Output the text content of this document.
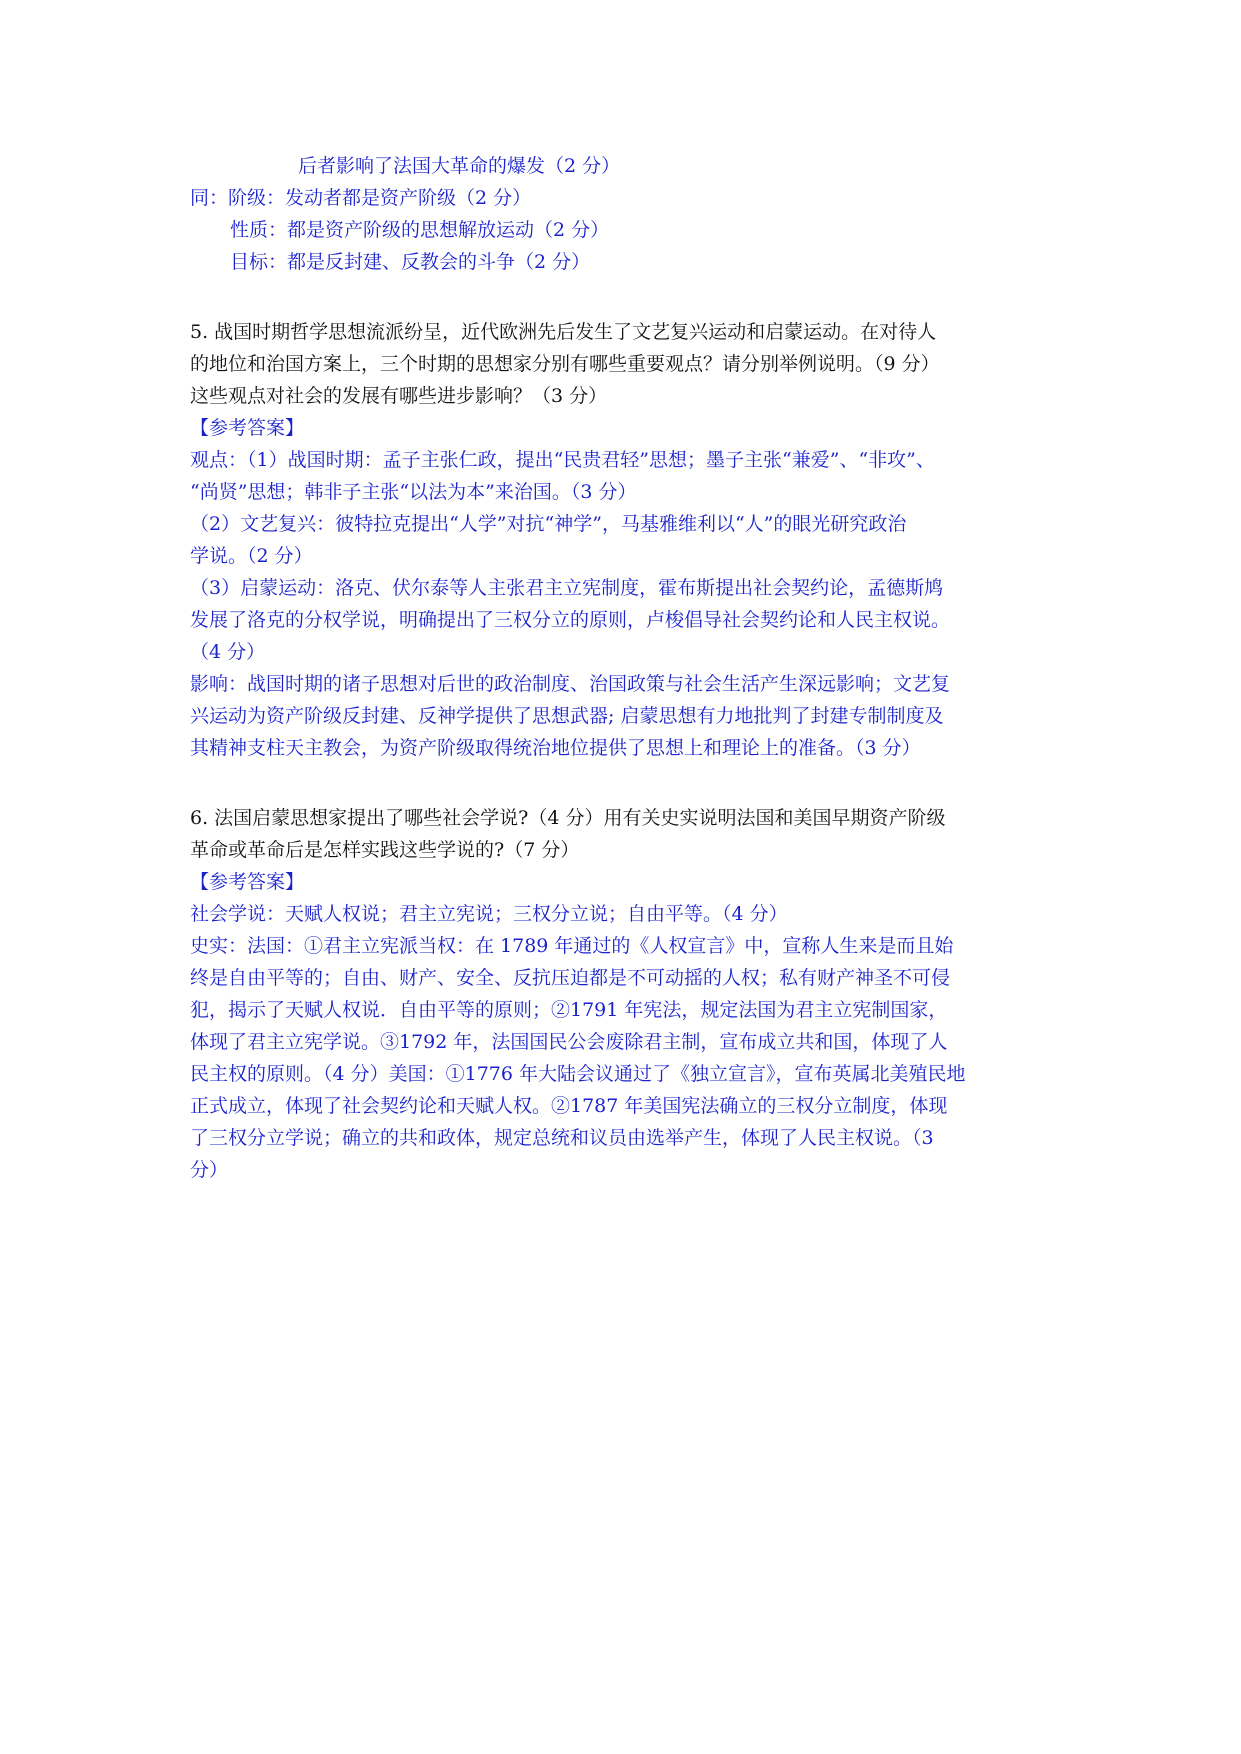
后者影响了法国大革命的爆发（2 分）
同：阶级：发动者都是资产阶级（2 分）
性质：都是资产阶级的思想解放运动（2 分）
目标：都是反封建、反教会的斗争（2 分）
5. 战国时期哲学思想流派纷呈，近代欧洲先后发生了文艺复兴运动和启蒙运动。在对待人
的地位和治国方案上，三个时期的思想家分别有哪些重要观点？请分别举例说明。（9 分）
这些观点对社会的发展有哪些进步影响？（3 分）
【参考答案】
观点：（1）战国时期：孟子主张仁政，提出“民贵君轻”思想；墨子主张“兼爱”、“非攻”、
“尚贤”思想；韩非子主张“以法为本”来治国。（3 分）
（2）文艺复兴：彼特拉克提出“人学”对抗“神学”，马基雅维利以“人”的眼光研究政治
学说。（2 分）
（3）启蒙运动：洛克、伏尔泰等人主张君主立宪制度，霍布斯提出社会契约论，孟德斯鸠
发展了洛克的分权学说，明确提出了三权分立的原则，卢梭倡导社会契约论和人民主权说。
（4 分）
影响：战国时期的诸子思想对后世的政治制度、治国政策与社会生活产生深远影响；文艺复
兴运动为资产阶级反封建、反神学提供了思想武器; 启蒙思想有力地批判了封建专制制度及
其精神支柱天主教会，为资产阶级取得统治地位提供了思想上和理论上的准备。（3 分）
6. 法国启蒙思想家提出了哪些社会学说?（4 分）用有关史实说明法国和美国早期资产阶级
革命或革命后是怎样实践这些学说的?（7 分）
【参考答案】
社会学说：天赋人权说；君主立宪说；三权分立说；自由平等。（4 分）
史实：法国：①君主立宪派当权：在 1789 年通过的《人权宣言》中，宣称人生来是而且始
终是自由平等的；自由、财产、安全、反抗压迫都是不可动摇的人权；私有财产神圣不可侵
犯，揭示了天赋人权说．自由平等的原则；②1791 年宪法，规定法国为君主立宪制国家，
体现了君主立宪学说。③1792 年，法国国民公会废除君主制，宣布成立共和国，体现了人
民主权的原则。（4 分）美国：①1776 年大陆会议通过了《独立宣言》，宣布英属北美殖民地
正式成立，体现了社会契约论和天赋人权。②1787 年美国宪法确立的三权分立制度，体现
了三权分立学说；确立的共和政体，规定总统和议员由选举产生，体现了人民主权说。（3
分）
